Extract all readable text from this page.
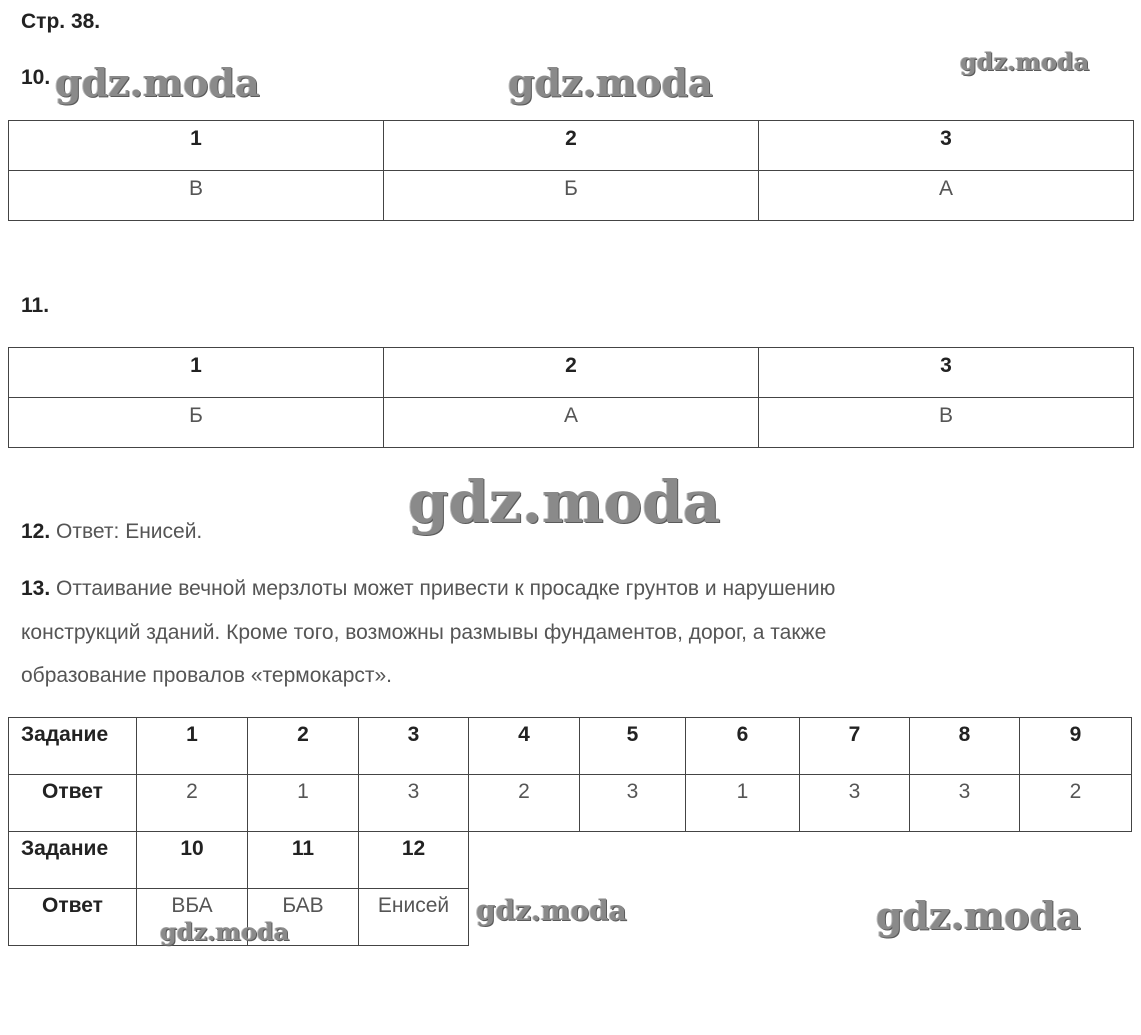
Стр. 38.
10.
1	2	3
В	Б	А
11.
1	2	3
Б	А	В
12. Ответ: Енисей.
13. Оттаивание вечной мерзлоты может привести к просадке грунтов и нарушению
конструкций зданий. Кроме того, возможны размывы фундаментов, дорог, а также
образование провалов «термокарст».
Задание	1	2	3	4	5	6	7	8	9
Ответ	2	1	3	2	3	1	3	3	2
Задание	10	11	12						
Ответ	ВБА	БАВ	Енисей						
gdz.moda	gdz.moda	gdz.moda
gdz.moda
gdz.moda	gdz.moda
gdz.moda
